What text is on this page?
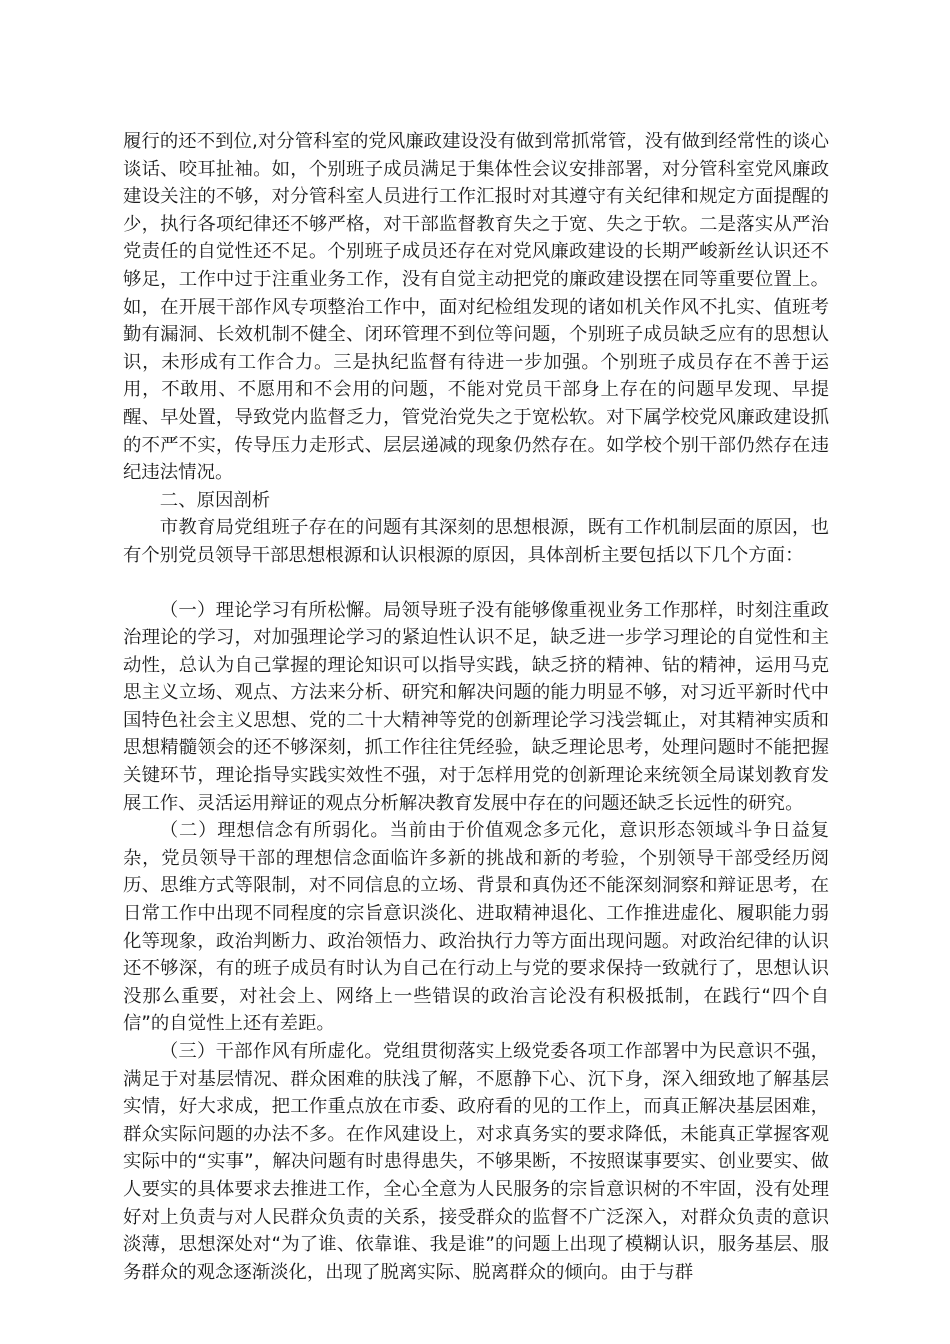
履行的还不到位,对分管科室的党风廉政建设没有做到常抓常管，没有做到经常性的谈心谈话、咬耳扯袖。如，个别班子成员满足于集体性会议安排部署，对分管科室党风廉政建设关注的不够，对分管科室人员进行工作汇报时对其遵守有关纪律和规定方面提醒的少，执行各项纪律还不够严格，对干部监督教育失之于宽、失之于软。二是落实从严治党责任的自觉性还不足。个别班子成员还存在对党风廉政建设的长期严峻新丝认识还不够足，工作中过于注重业务工作，没有自觉主动把党的廉政建设摆在同等重要位置上。如，在开展干部作风专项整治工作中，面对纪检组发现的诸如机关作风不扎实、值班考勤有漏洞、长效机制不健全、闭环管理不到位等问题，个别班子成员缺乏应有的思想认识，未形成有工作合力。三是执纪监督有待进一步加强。个别班子成员存在不善于运用，不敢用、不愿用和不会用的问题，不能对党员干部身上存在的问题早发现、早提醒、早处置，导致党内监督乏力，管党治党失之于宽松软。对下属学校党风廉政建设抓的不严不实，传导压力走形式、层层递减的现象仍然存在。如学校个别干部仍然存在违纪违法情况。

二、原因剖析

市教育局党组班子存在的问题有其深刻的思想根源，既有工作机制层面的原因，也有个别党员领导干部思想根源和认识根源的原因，具体剖析主要包括以下几个方面：

（一）理论学习有所松懈。局领导班子没有能够像重视业务工作那样，时刻注重政治理论的学习，对加强理论学习的紧迫性认识不足，缺乏进一步学习理论的自觉性和主动性，总认为自己掌握的理论知识可以指导实践，缺乏挤的精神、钻的精神，运用马克思主义立场、观点、方法来分析、研究和解决问题的能力明显不够，对习近平新时代中国特色社会主义思想、党的二十大精神等党的创新理论学习浅尝辄止，对其精神实质和思想精髓领会的还不够深刻，抓工作往往凭经验，缺乏理论思考，处理问题时不能把握关键环节，理论指导实践实效性不强，对于怎样用党的创新理论来统领全局谋划教育发展工作、灵活运用辩证的观点分析解决教育发展中存在的问题还缺乏长远性的研究。

（二）理想信念有所弱化。当前由于价值观念多元化，意识形态领域斗争日益复杂，党员领导干部的理想信念面临许多新的挑战和新的考验，个别领导干部受经历阅历、思维方式等限制，对不同信息的立场、背景和真伪还不能深刻洞察和辩证思考，在日常工作中出现不同程度的宗旨意识淡化、进取精神退化、工作推进虚化、履职能力弱化等现象，政治判断力、政治领悟力、政治执行力等方面出现问题。对政治纪律的认识还不够深，有的班子成员有时认为自己在行动上与党的要求保持一致就行了，思想认识没那么重要，对社会上、网络上一些错误的政治言论没有积极抵制，在践行“四个自信”的自觉性上还有差距。

（三）干部作风有所虚化。党组贯彻落实上级党委各项工作部署中为民意识不强，满足于对基层情况、群众困难的肤浅了解，不愿静下心、沉下身，深入细致地了解基层实情，好大求成，把工作重点放在市委、政府看的见的工作上，而真正解决基层困难，群众实际问题的办法不多。在作风建设上，对求真务实的要求降低，未能真正掌握客观实际中的“实事”，解决问题有时患得患失，不够果断，不按照谋事要实、创业要实、做人要实的具体要求去推进工作，全心全意为人民服务的宗旨意识树的不牢固，没有处理好对上负责与对人民群众负责的关系，接受群众的监督不广泛深入，对群众负责的意识淡薄，思想深处对“为了谁、依靠谁、我是谁”的问题上出现了模糊认识，服务基层、服务群众的观念逐渐淡化，出现了脱离实际、脱离群众的倾向。由于与群
